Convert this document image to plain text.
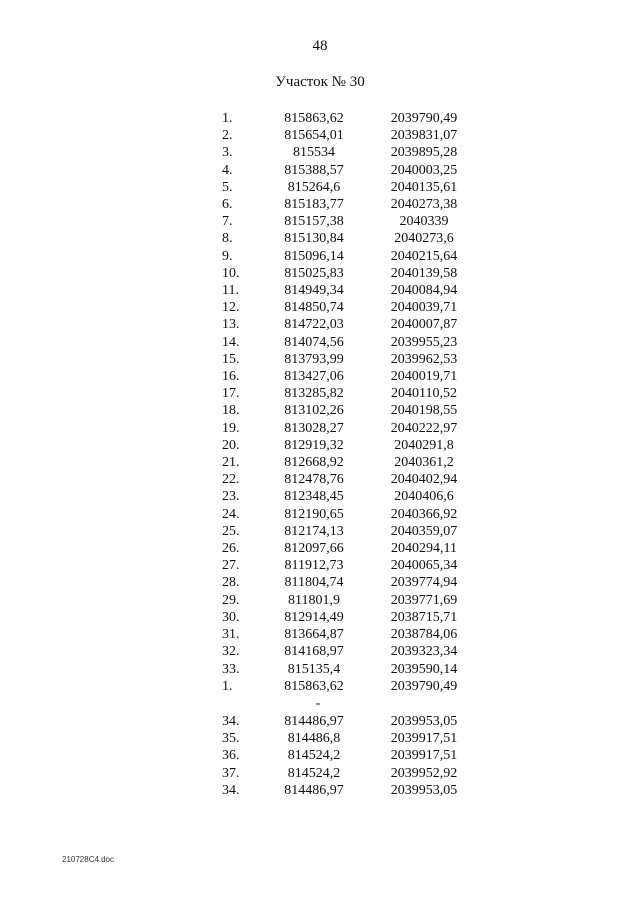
48
Участок № 30
1.	815863,62	2039790,49
2.	815654,01	2039831,07
3.	815534	2039895,28
4.	815388,57	2040003,25
5.	815264,6	2040135,61
6.	815183,77	2040273,38
7.	815157,38	2040339
8.	815130,84	2040273,6
9.	815096,14	2040215,64
10.	815025,83	2040139,58
11.	814949,34	2040084,94
12.	814850,74	2040039,71
13.	814722,03	2040007,87
14.	814074,56	2039955,23
15.	813793,99	2039962,53
16.	813427,06	2040019,71
17.	813285,82	2040110,52
18.	813102,26	2040198,55
19.	813028,27	2040222,97
20.	812919,32	2040291,8
21.	812668,92	2040361,2
22.	812478,76	2040402,94
23.	812348,45	2040406,6
24.	812190,65	2040366,92
25.	812174,13	2040359,07
26.	812097,66	2040294,11
27.	811912,73	2040065,34
28.	811804,74	2039774,94
29.	811801,9	2039771,69
30.	812914,49	2038715,71
31.	813664,87	2038784,06
32.	814168,97	2039323,34
33.	815135,4	2039590,14
1.	815863,62	2039790,49
	-	
34.	814486,97	2039953,05
35.	814486,8	2039917,51
36.	814524,2	2039917,51
37.	814524,2	2039952,92
34.	814486,97	2039953,05
210728C4.doc
